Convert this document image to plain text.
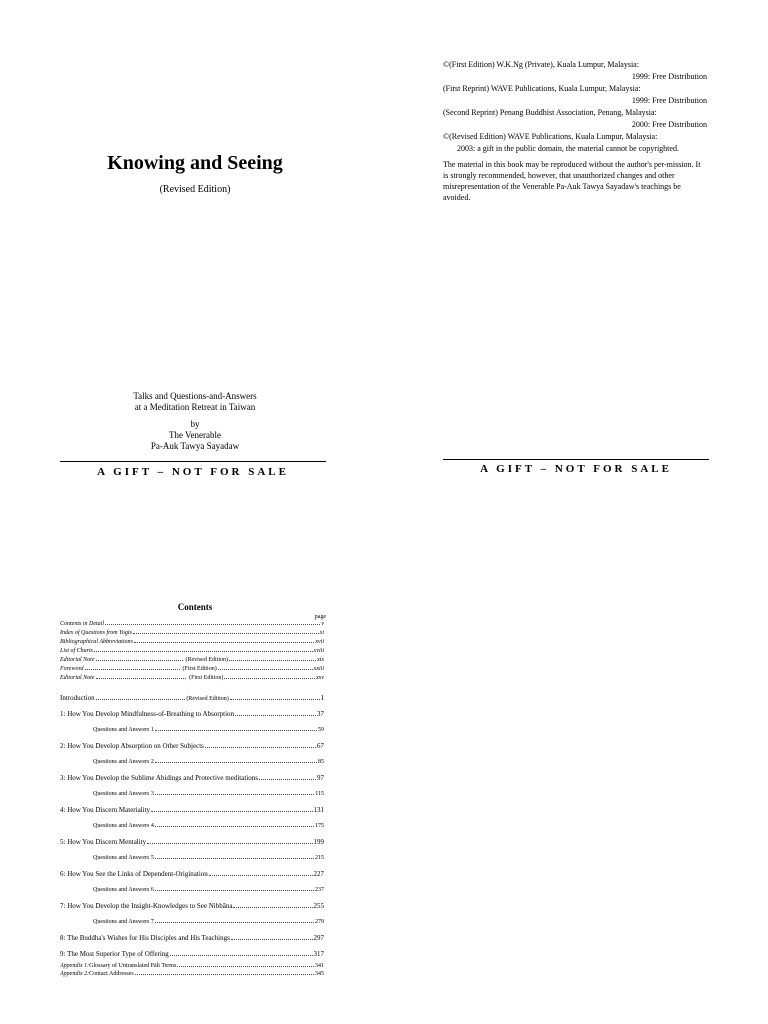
Knowing and Seeing
(Revised Edition)
Talks and Questions-and-Answers
at a Meditation Retreat in Taiwan
by
The Venerable
Pa-Auk Tawya Sayadaw
A GIFT – NOT FOR SALE
©(First Edition) W.K.Ng (Private), Kuala Lumpur, Malaysia:
1999: Free Distribution
(First Reprint) WAVE Publications, Kuala Lumpur, Malaysia:
1999: Free Distribution
(Second Reprint) Penang Buddhist Association, Penang, Malaysia:
2000: Free Distribution
©(Revised Edition) WAVE Publications, Kuala Lumpur, Malaysia:
2003: a gift in the public domain, the material cannot be copyrighted.
The material in this book may be reproduced without the author's per-mission. It is strongly recommended, however, that unauthorized changes and other misrepresentation of the Venerable Pa-Auk Tawya Sayadaw's teachings be avoided.
A GIFT – NOT FOR SALE
Contents
page
Contents in Detail	v
Index of Questions from Yogis	xi
Bibliographical Abbreviations	xvii
List of Charts	xviii
Editorial Note	(Revised Edition)	xix
Foreword	(First Edition)	xxiii
Editorial Note	(First Edition)	xxv
Introduction	(Revised Edition)	1
1: How You Develop Mindfulness-of-Breathing to Absorption	37
Questions and Answers 1	59
2: How You Develop Absorption on Other Subjects	67
Questions and Answers 2	85
3: How You Develop the Sublime Abidings and Protective meditations	97
Questions and Answers 3	115
4: How You Discern Materiality	131
Questions and Answers 4	175
5: How You Discern Mentality	199
Questions and Answers 5	215
6: How You See the Links of Dependent-Origination	227
Questions and Answers 6	237
7: How You Develop the Insight-Knowledges to See Nibbāna	255
Questions and Answers 7	279
8: The Buddha's Wishes for His Disciples and His Teachings	297
9: The Most Superior Type of Offering	317
Appendix 1: Glossary of Untranslated Pāli Terms	341
Appendix 2: Contact Addresses	345
